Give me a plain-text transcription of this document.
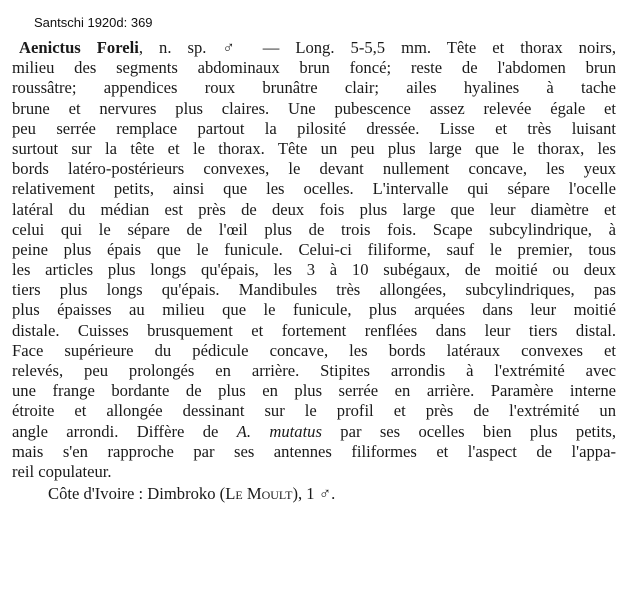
Santschi 1920d: 369
Aenictus Foreli, n. sp. ♂ — Long. 5-5,5 mm. Tête et thorax noirs,
milieu des segments abdominaux brun foncé; reste de l'abdomen brun
roussâtre; appendices roux brunâtre clair; ailes hyalines à tache
brune et nervures plus claires. Une pubescence assez relevée égale et
peu serrée remplace partout la pilosité dressée. Lisse et très luisant
surtout sur la tête et le thorax. Tête un peu plus large que le thorax, les
bords latéro-postérieurs convexes, le devant nullement concave, les yeux
relativement petits, ainsi que les ocelles. L'intervalle qui sépare l'ocelle
latéral du médian est près de deux fois plus large que leur diamètre et
celui qui le sépare de l'œil plus de trois fois. Scape subcylindrique, à
peine plus épais que le funicule. Celui-ci filiforme, sauf le premier, tous
les articles plus longs qu'épais, les 3 à 10 subégaux, de moitié ou deux
tiers plus longs qu'épais. Mandibules très allongées, subcylindriques, pas
plus épaisses au milieu que le funicule, plus arquées dans leur moitié
distale. Cuisses brusquement et fortement renflées dans leur tiers distal.
Face supérieure du pédicule concave, les bords latéraux convexes et
relevés, peu prolongés en arrière. Stipites arrondis à l'extrémité avec
une frange bordante de plus en plus serrée en arrière. Paramère interne
étroite et allongée dessinant sur le profil et près de l'extrémité un
angle arrondi. Diffère de A. mutatus par ses ocelles bien plus petits,
mais s'en rapproche par ses antennes filiformes et l'aspect de l'appa-
reil copulateur.
Côte d'Ivoire : Dimbroko (Le Moult), 1 ♂.
